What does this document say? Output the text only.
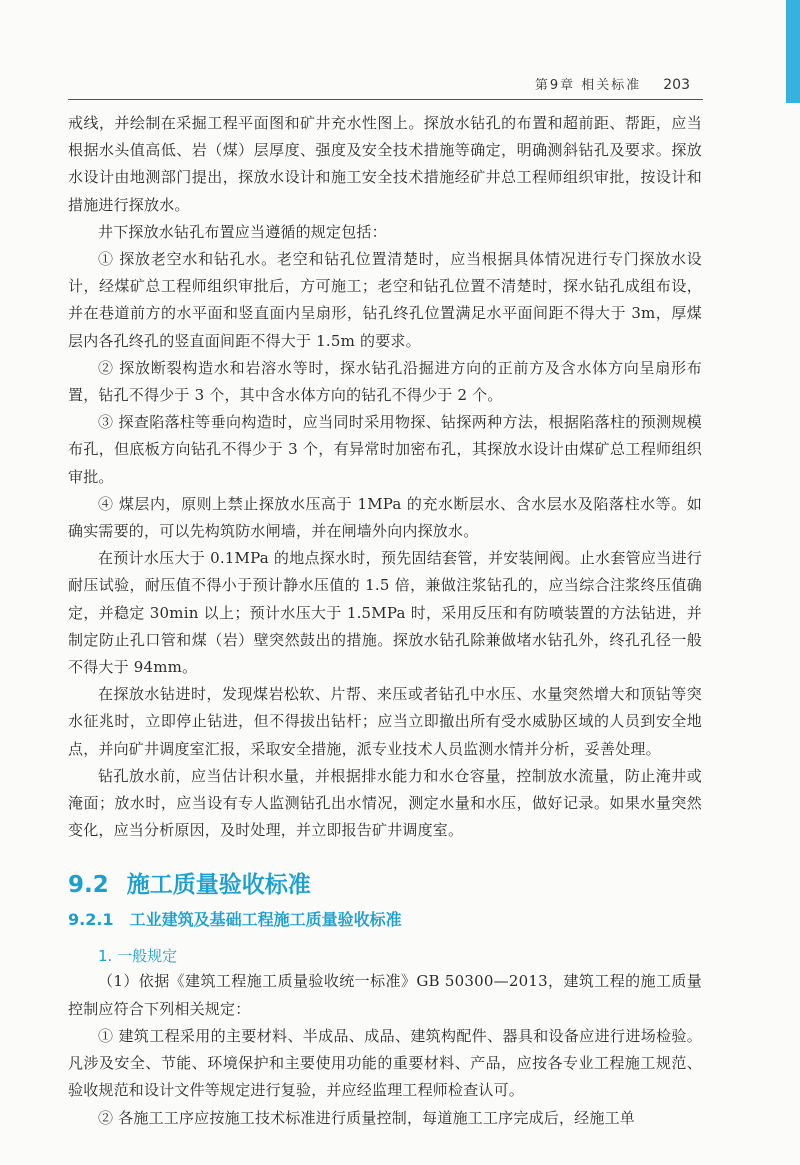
第9章 相关标准 203

戒线，并绘制在采掘工程平面图和矿井充水性图上。探放水钻孔的布置和超前距、帮距，应当根据水头值高低、岩（煤）层厚度、强度及安全技术措施等确定，明确测斜钻孔及要求。探放水设计由地测部门提出，探放水设计和施工安全技术措施经矿井总工程师组织审批，按设计和措施进行探放水。

井下探放水钻孔布置应当遵循的规定包括：

① 探放老空水和钻孔水。老空和钻孔位置清楚时，应当根据具体情况进行专门探放水设计，经煤矿总工程师组织审批后，方可施工；老空和钻孔位置不清楚时，探水钻孔成组布设，并在巷道前方的水平面和竖直面内呈扇形，钻孔终孔位置满足水平面间距不得大于 3m，厚煤层内各孔终孔的竖直面间距不得大于 1.5m 的要求。

② 探放断裂构造水和岩溶水等时，探水钻孔沿掘进方向的正前方及含水体方向呈扇形布置，钻孔不得少于 3 个，其中含水体方向的钻孔不得少于 2 个。

③ 探查陷落柱等垂向构造时，应当同时采用物探、钻探两种方法，根据陷落柱的预测规模布孔，但底板方向钻孔不得少于 3 个，有异常时加密布孔，其探放水设计由煤矿总工程师组织审批。

④ 煤层内，原则上禁止探放水压高于 1MPa 的充水断层水、含水层水及陷落柱水等。如确实需要的，可以先构筑防水闸墙，并在闸墙外向内探放水。

在预计水压大于 0.1MPa 的地点探水时，预先固结套管，并安装闸阀。止水套管应当进行耐压试验，耐压值不得小于预计静水压值的 1.5 倍，兼做注浆钻孔的，应当综合注浆终压值确定，并稳定 30min 以上；预计水压大于 1.5MPa 时，采用反压和有防喷装置的方法钻进，并制定防止孔口管和煤（岩）壁突然鼓出的措施。探放水钻孔除兼做堵水钻孔外，终孔孔径一般不得大于 94mm。

在探放水钻进时，发现煤岩松软、片帮、来压或者钻孔中水压、水量突然增大和顶钻等突水征兆时，立即停止钻进，但不得拔出钻杆；应当立即撤出所有受水威胁区域的人员到安全地点，并向矿井调度室汇报，采取安全措施，派专业技术人员监测水情并分析，妥善处理。

钻孔放水前，应当估计积水量，并根据排水能力和水仓容量，控制放水流量，防止淹井或淹面；放水时，应当设有专人监测钻孔出水情况，测定水量和水压，做好记录。如果水量突然变化，应当分析原因，及时处理，并立即报告矿井调度室。

9.2 施工质量验收标准
9.2.1 工业建筑及基础工程施工质量验收标准
1. 一般规定

（1）依据《建筑工程施工质量验收统一标准》GB 50300—2013，建筑工程的施工质量控制应符合下列相关规定：

① 建筑工程采用的主要材料、半成品、成品、建筑构配件、器具和设备应进行进场检验。凡涉及安全、节能、环境保护和主要使用功能的重要材料、产品，应按各专业工程施工规范、验收规范和设计文件等规定进行复验，并应经监理工程师检查认可。

② 各施工工序应按施工技术标准进行质量控制，每道施工工序完成后，经施工单
